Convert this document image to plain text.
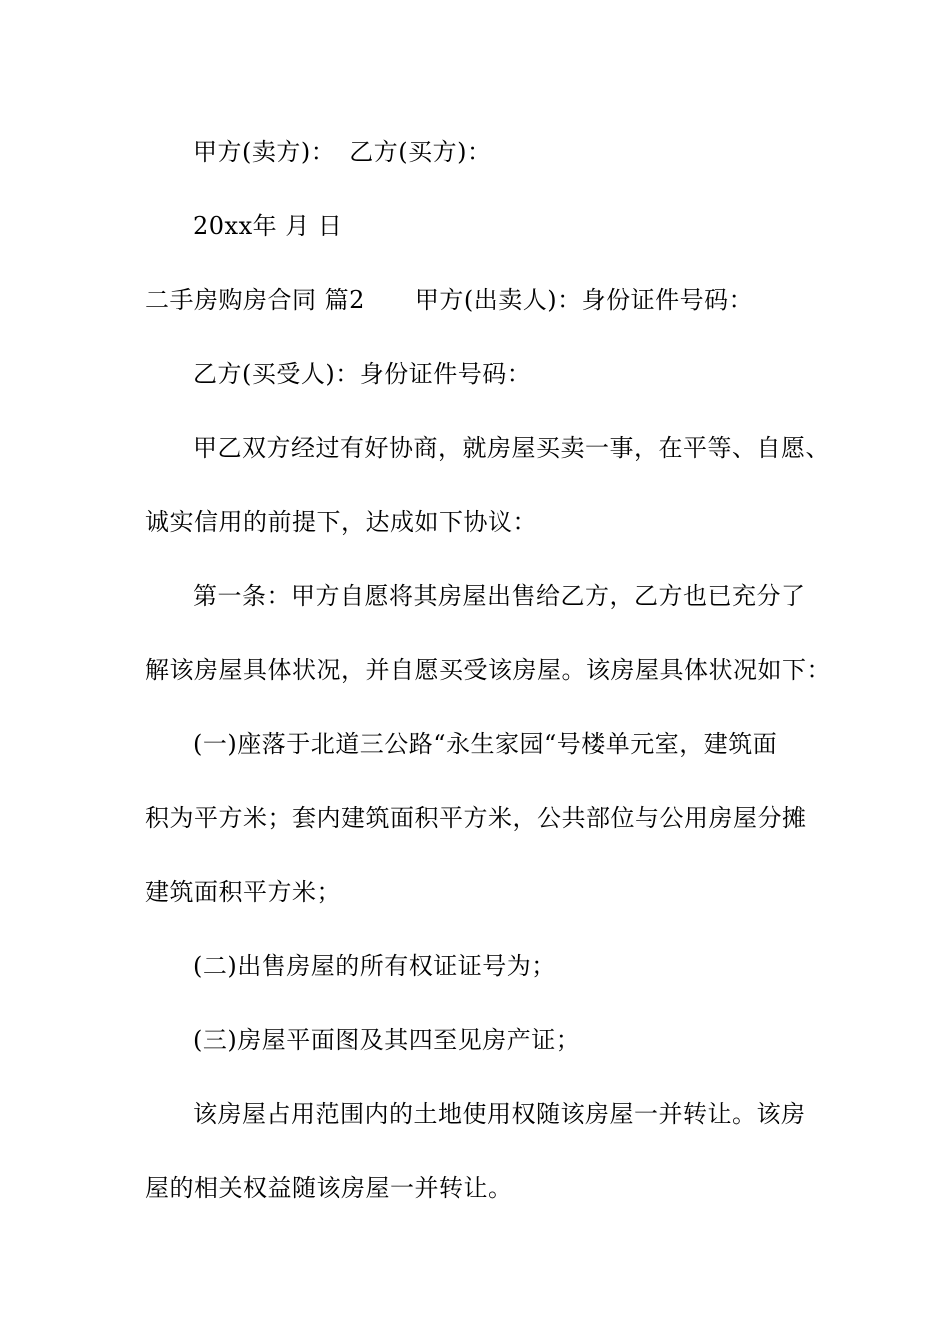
甲方(卖方)： 乙方(买方)：
20xx年 月 日
二手房购房合同 篇2 甲方(出卖人)：身份证件号码：
乙方(买受人)：身份证件号码：
甲乙双方经过有好协商，就房屋买卖一事，在平等、自愿、
诚实信用的前提下，达成如下协议：
第一条：甲方自愿将其房屋出售给乙方，乙方也已充分了
解该房屋具体状况，并自愿买受该房屋。该房屋具体状况如下：
(一)座落于北道三公路“永生家园“号楼单元室，建筑面
积为平方米；套内建筑面积平方米，公共部位与公用房屋分摊
建筑面积平方米；
(二)出售房屋的所有权证证号为；
(三)房屋平面图及其四至见房产证；
该房屋占用范围内的土地使用权随该房屋一并转让。该房
屋的相关权益随该房屋一并转让。
